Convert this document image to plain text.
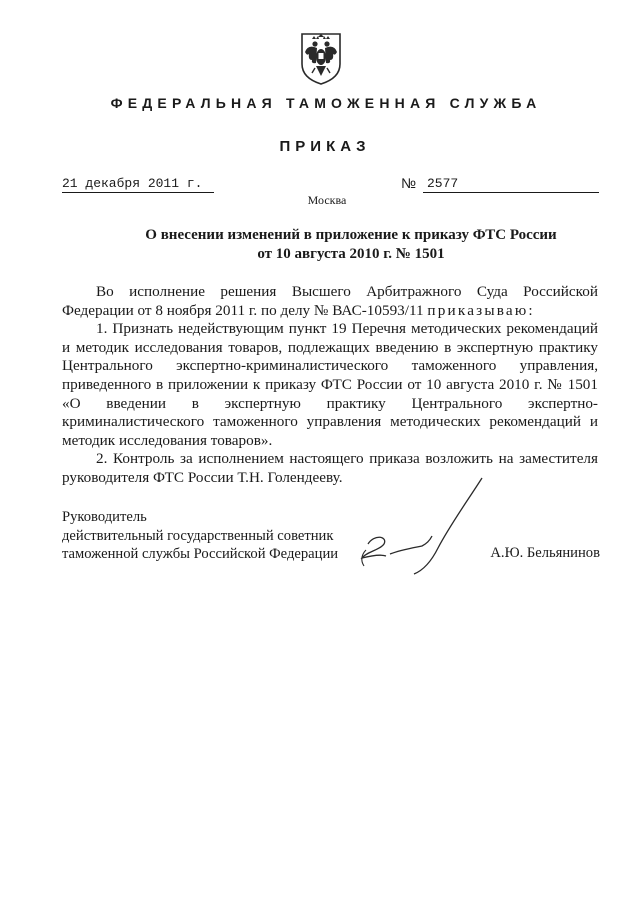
ФЕДЕРАЛЬНАЯ ТАМОЖЕННАЯ СЛУЖБА
ПРИКАЗ
21 декабря 2011 г.	№ 2577
Москва
О внесении изменений в приложение к приказу ФТС России
от 10 августа 2010 г. № 1501

Во исполнение решения Высшего Арбитражного Суда Российской Федерации от 8 ноября 2011 г. по делу № ВАС-10593/11 приказываю:

1. Признать недействующим пункт 19 Перечня методических рекомендаций и методик исследования товаров, подлежащих введению в экспертную практику Центрального экспертно-криминалистического таможенного управления, приведенного в приложении к приказу ФТС России от 10 августа 2010 г. № 1501 «О введении в экспертную практику Центрального экспертно-криминалистического таможенного управления методических рекомендаций и методик исследования товаров».

2. Контроль за исполнением настоящего приказа возложить на заместителя руководителя ФТС России Т.Н. Голендееву.

Руководитель
действительный государственный советник
таможенной службы Российской Федерации	А.Ю. Бельянинов
